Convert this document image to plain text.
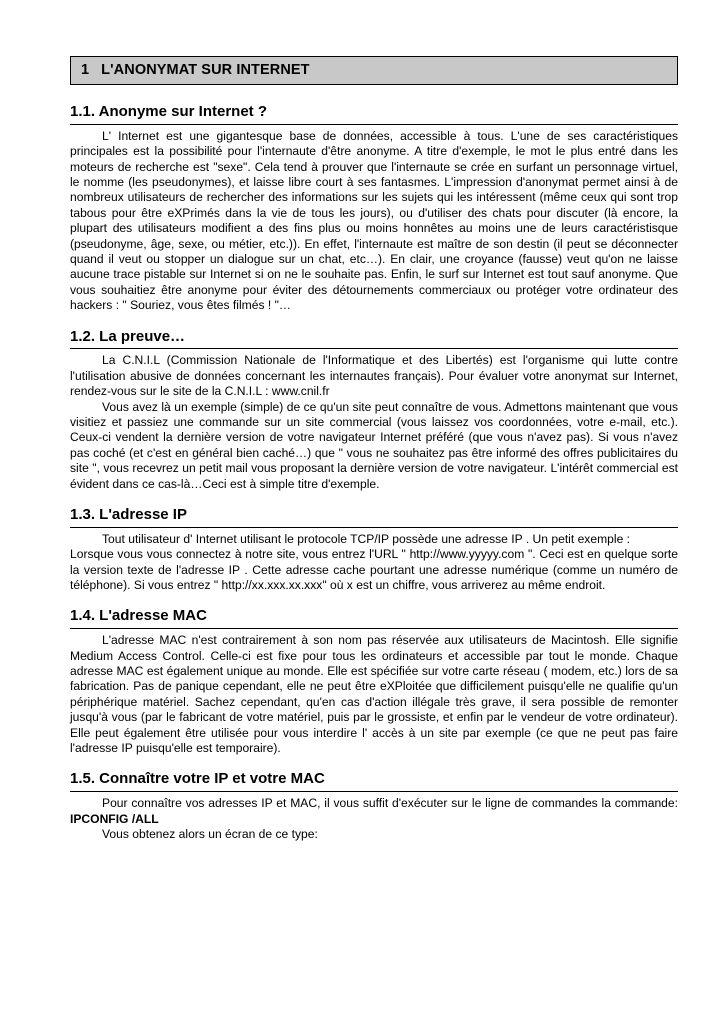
1 L'ANONYMAT SUR INTERNET
1.1. Anonyme sur Internet ?

L' Internet est une gigantesque base de données, accessible à tous. L'une de ses caractéristiques principales est la possibilité pour l'internaute d'être anonyme. A titre d'exemple, le mot le plus entré dans les moteurs de recherche est "sexe". Cela tend à prouver que l'internaute se crée en surfant un personnage virtuel, le nomme (les pseudonymes), et laisse libre court à ses fantasmes. L'impression d'anonymat permet ainsi à de nombreux utilisateurs de rechercher des informations sur les sujets qui les intéressent (même ceux qui sont trop tabous pour être eXPrimés dans la vie de tous les jours), ou d'utiliser des chats pour discuter (là encore, la plupart des utilisateurs modifient a des fins plus ou moins honnêtes au moins une de leurs caractéristisque (pseudonyme, âge, sexe, ou métier, etc.)). En effet, l'internaute est maître de son destin (il peut se déconnecter quand il veut ou stopper un dialogue sur un chat, etc…). En clair, une croyance (fausse) veut qu'on ne laisse aucune trace pistable sur Internet si on ne le souhaite pas. Enfin, le surf sur Internet est tout sauf anonyme. Que vous souhaitiez être anonyme pour éviter des détournements commerciaux ou protéger votre ordinateur des hackers : " Souriez, vous êtes filmés ! "…

1.2. La preuve…

La C.N.I.L (Commission Nationale de l'Informatique et des Libertés) est l'organisme qui lutte contre l'utilisation abusive de données concernant les internautes français). Pour évaluer votre anonymat sur Internet, rendez-vous sur le site de la C.N.I.L : www.cnil.fr

Vous avez là un exemple (simple) de ce qu'un site peut connaître de vous. Admettons maintenant que vous visitiez et passiez une commande sur un site commercial (vous laissez vos coordonnées, votre e-mail, etc.). Ceux-ci vendent la dernière version de votre navigateur Internet préféré (que vous n'avez pas). Si vous n'avez pas coché (et c'est en général bien caché…) que " vous ne souhaitez pas être informé des offres publicitaires du site ", vous recevrez un petit mail vous proposant la dernière version de votre navigateur. L'intérêt commercial est évident dans ce cas-là…Ceci est à simple titre d'exemple.

1.3. L'adresse IP

Tout utilisateur d' Internet utilisant le protocole TCP/IP possède une adresse IP . Un petit exemple :

Lorsque vous vous connectez à notre site, vous entrez l'URL " http://www.yyyyy.com ". Ceci est en quelque sorte la version texte de l'adresse IP . Cette adresse cache pourtant une adresse numérique (comme un numéro de téléphone). Si vous entrez " http://xx.xxx.xx.xxx" où x est un chiffre, vous arriverez au même endroit.

1.4. L'adresse MAC

L'adresse MAC n'est contrairement à son nom pas réservée aux utilisateurs de Macintosh. Elle signifie Medium Access Control. Celle-ci est fixe pour tous les ordinateurs et accessible par tout le monde. Chaque adresse MAC est également unique au monde. Elle est spécifiée sur votre carte réseau ( modem, etc.) lors de sa fabrication. Pas de panique cependant, elle ne peut être eXPloitée que difficilement puisqu'elle ne qualifie qu'un périphérique matériel. Sachez cependant, qu'en cas d'action illégale très grave, il sera possible de remonter jusqu'à vous (par le fabricant de votre matériel, puis par le grossiste, et enfin par le vendeur de votre ordinateur). Elle peut également être utilisée pour vous interdire l' accès à un site par exemple (ce que ne peut pas faire l'adresse IP puisqu'elle est temporaire).

1.5. Connaître votre IP et votre MAC

Pour connaître vos adresses IP et MAC, il vous suffit d'exécuter sur le ligne de commandes la commande: IPCONFIG /ALL

Vous obtenez alors un écran de ce type:
